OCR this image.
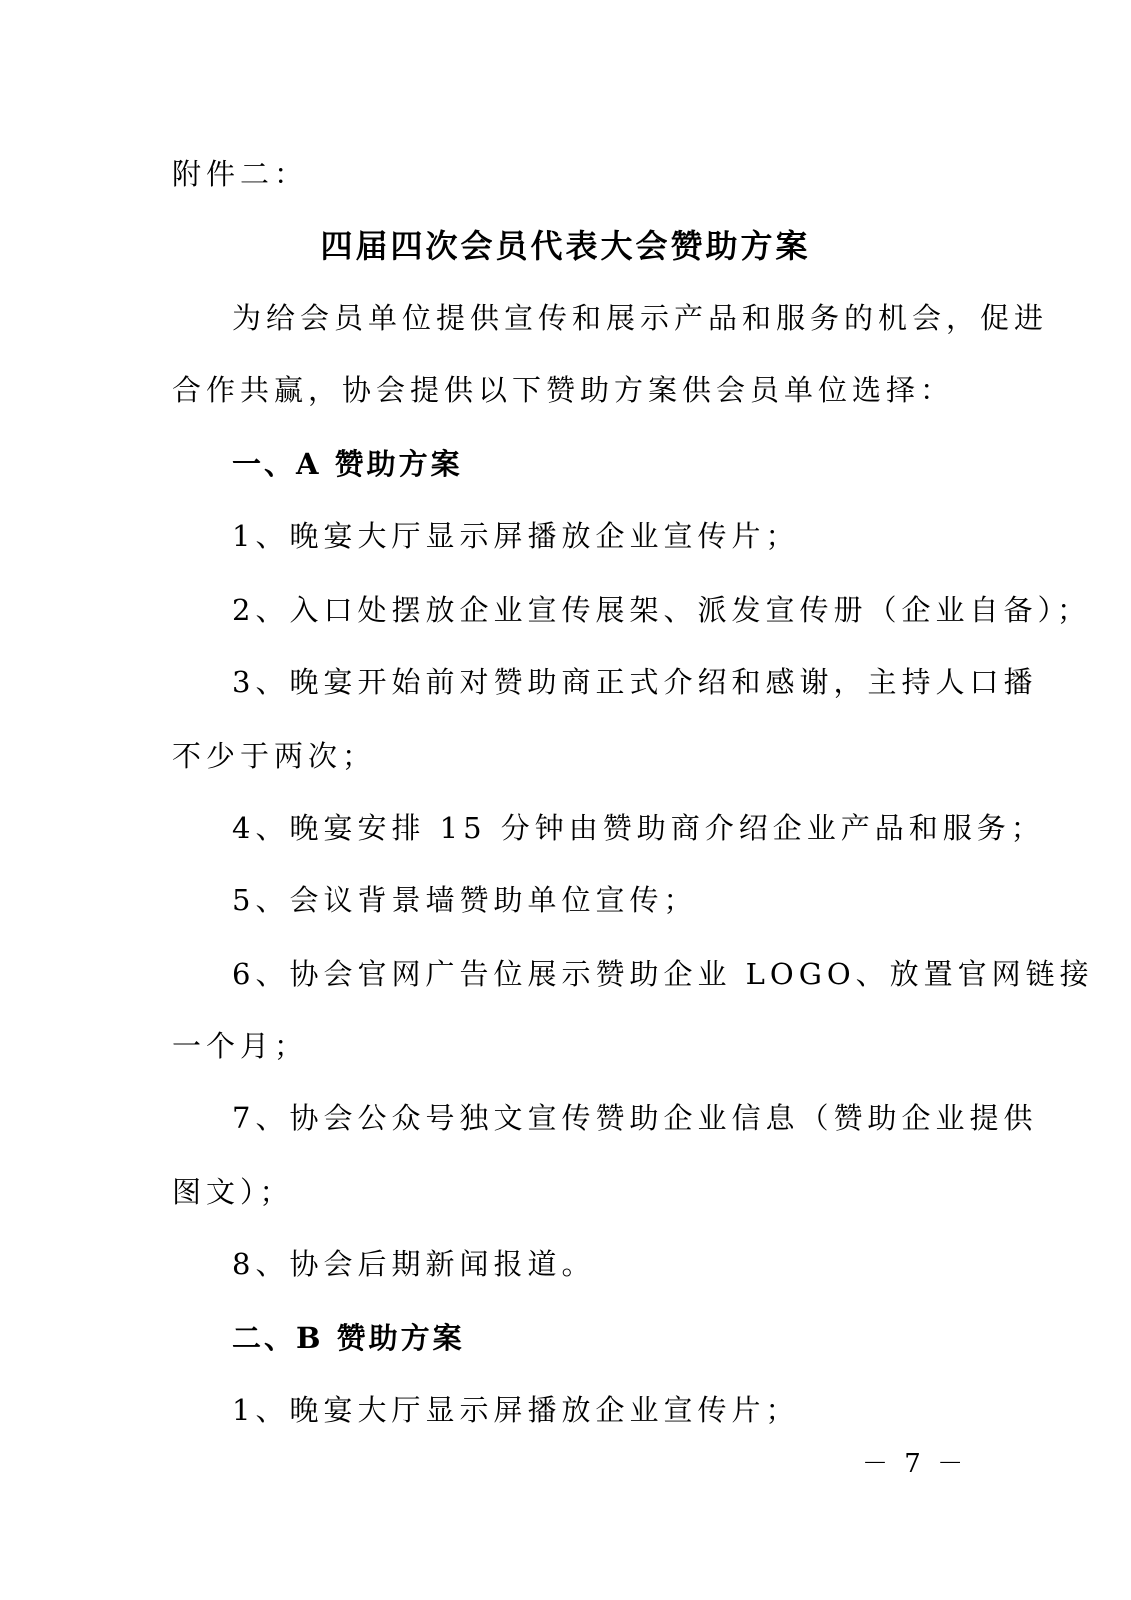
附件二：
四届四次会员代表大会赞助方案
为给会员单位提供宣传和展示产品和服务的机会，促进
合作共赢，协会提供以下赞助方案供会员单位选择：
一、A 赞助方案
1、晚宴大厅显示屏播放企业宣传片；
2、入口处摆放企业宣传展架、派发宣传册（企业自备）；
3、晚宴开始前对赞助商正式介绍和感谢，主持人口播
不少于两次；
4、晚宴安排 15 分钟由赞助商介绍企业产品和服务；
5、会议背景墙赞助单位宣传；
6、协会官网广告位展示赞助企业 LOGO、放置官网链接
一个月；
7、协会公众号独文宣传赞助企业信息（赞助企业提供
图文）；
8、协会后期新闻报道。
二、B 赞助方案
1、晚宴大厅显示屏播放企业宣传片；
－ 7 －
